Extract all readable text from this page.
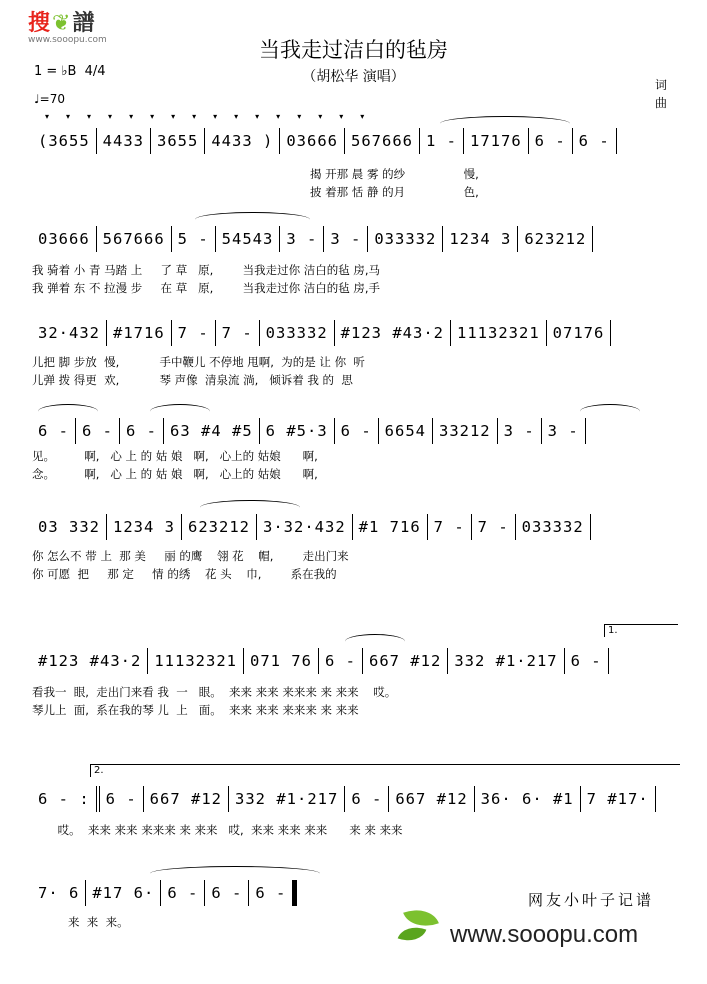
搜❦譜
www.sooopu.com	当我走过洁白的毡房
（胡松华 演唱）	词
曲
1 = ♭B 4/4
♩=70
▾▾▾▾▾▾▾▾▾▾▾▾▾▾▾▾
(3655 4433 3655 4433 ) 03666 567666 1 - 17176 6 - 6 -
揭 开那 晨 雾 的纱                慢,
披 着那 恬 静 的月                色,
03666 567666 5 - 54543 3 - 3 - 033332 1234 3 623212
我 骑着 小 青 马踏 上     了 草   原,        当我走过你 洁白的毡 房,马
我 弹着 东 不 拉漫 步     在 草   原,        当我走过你 洁白的毡 房,手
32·432 #1716 7 - 7 - 033332 #123 #43·2 11132321 07176
儿把 脚 步放  慢,           手中鞭儿 不停地 甩啊,  为的是 让 你  听
儿弹 拨 得更  欢,           琴 声像  清泉流 淌,   倾诉着 我 的  思
6 - 6 - 6 - 63 #4 #5 6 #5·3 6 - 6654 33212 3 - 3 -
见。        啊,   心 上 的 姑 娘   啊,   心上的 姑娘      啊,
念。        啊,   心 上 的 姑 娘   啊,   心上的 姑娘      啊,
03 332 1234 3 623212 3·32·432 #1 716 7 - 7 - 033332
你 怎么不 带 上  那 美     丽 的鹰    翎 花    帽,        走出门来
你 可愿  把     那 定     情 的绣    花 头    巾,        系在我的
1.
#123 #43·2 11132321 071 76 6 - 667 #12 332 #1·217 6 -
看我一  眼,  走出门来看 我  一   眼。  来来 来来 来来来 来 来来    哎。
琴儿上  面,  系在我的琴 儿  上   面。  来来 来来 来来来 来 来来
2.
6 - : 6 - 667 #12 332 #1·217 6 - 667 #12 36· 6· #1 7 #17·
哎。  来来 来来 来来来 来 来来   哎,  来来 来来 来来      来 来 来来
7· 6 #17 6· 6 - 6 - 6 -
来  来  来。
网友小叶子记谱
www.sooopu.com
